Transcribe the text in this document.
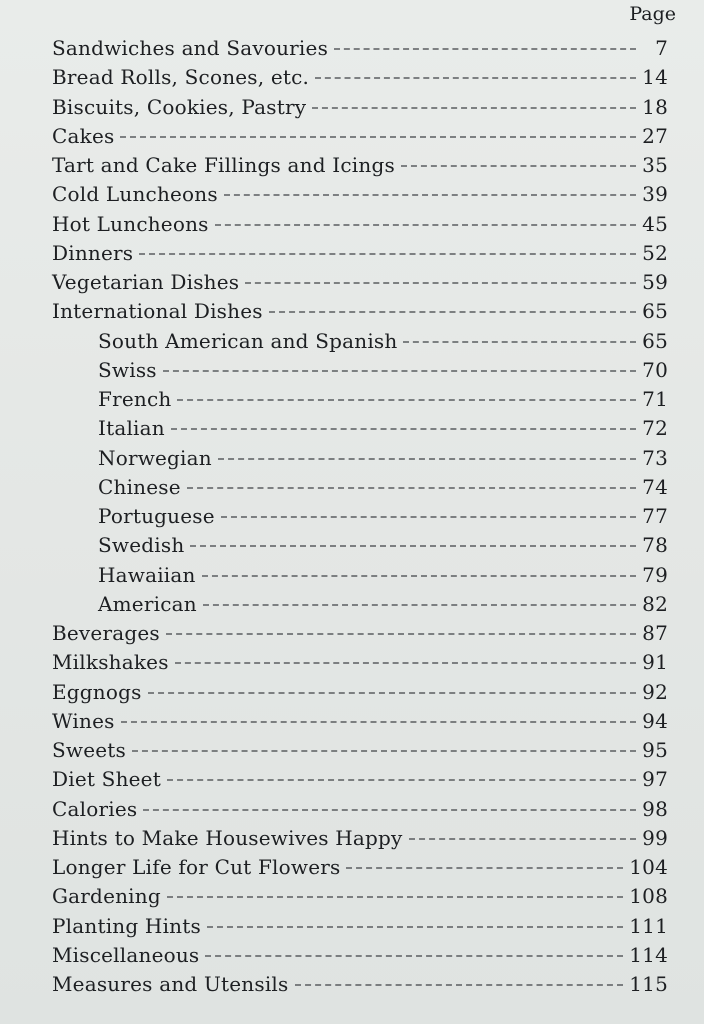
Page
Sandwiches and Savouries	7
Bread Rolls, Scones, etc.	14
Biscuits, Cookies, Pastry	18
Cakes	27
Tart and Cake Fillings and Icings	35
Cold Luncheons	39
Hot Luncheons	45
Dinners	52
Vegetarian Dishes	59
International Dishes	65
South American and Spanish	65
Swiss	70
French	71
Italian	72
Norwegian	73
Chinese	74
Portuguese	77
Swedish	78
Hawaiian	79
American	82
Beverages	87
Milkshakes	91
Eggnogs	92
Wines	94
Sweets	95
Diet Sheet	97
Calories	98
Hints to Make Housewives Happy	99
Longer Life for Cut Flowers	104
Gardening	108
Planting Hints	111
Miscellaneous	114
Measures and Utensils	115
